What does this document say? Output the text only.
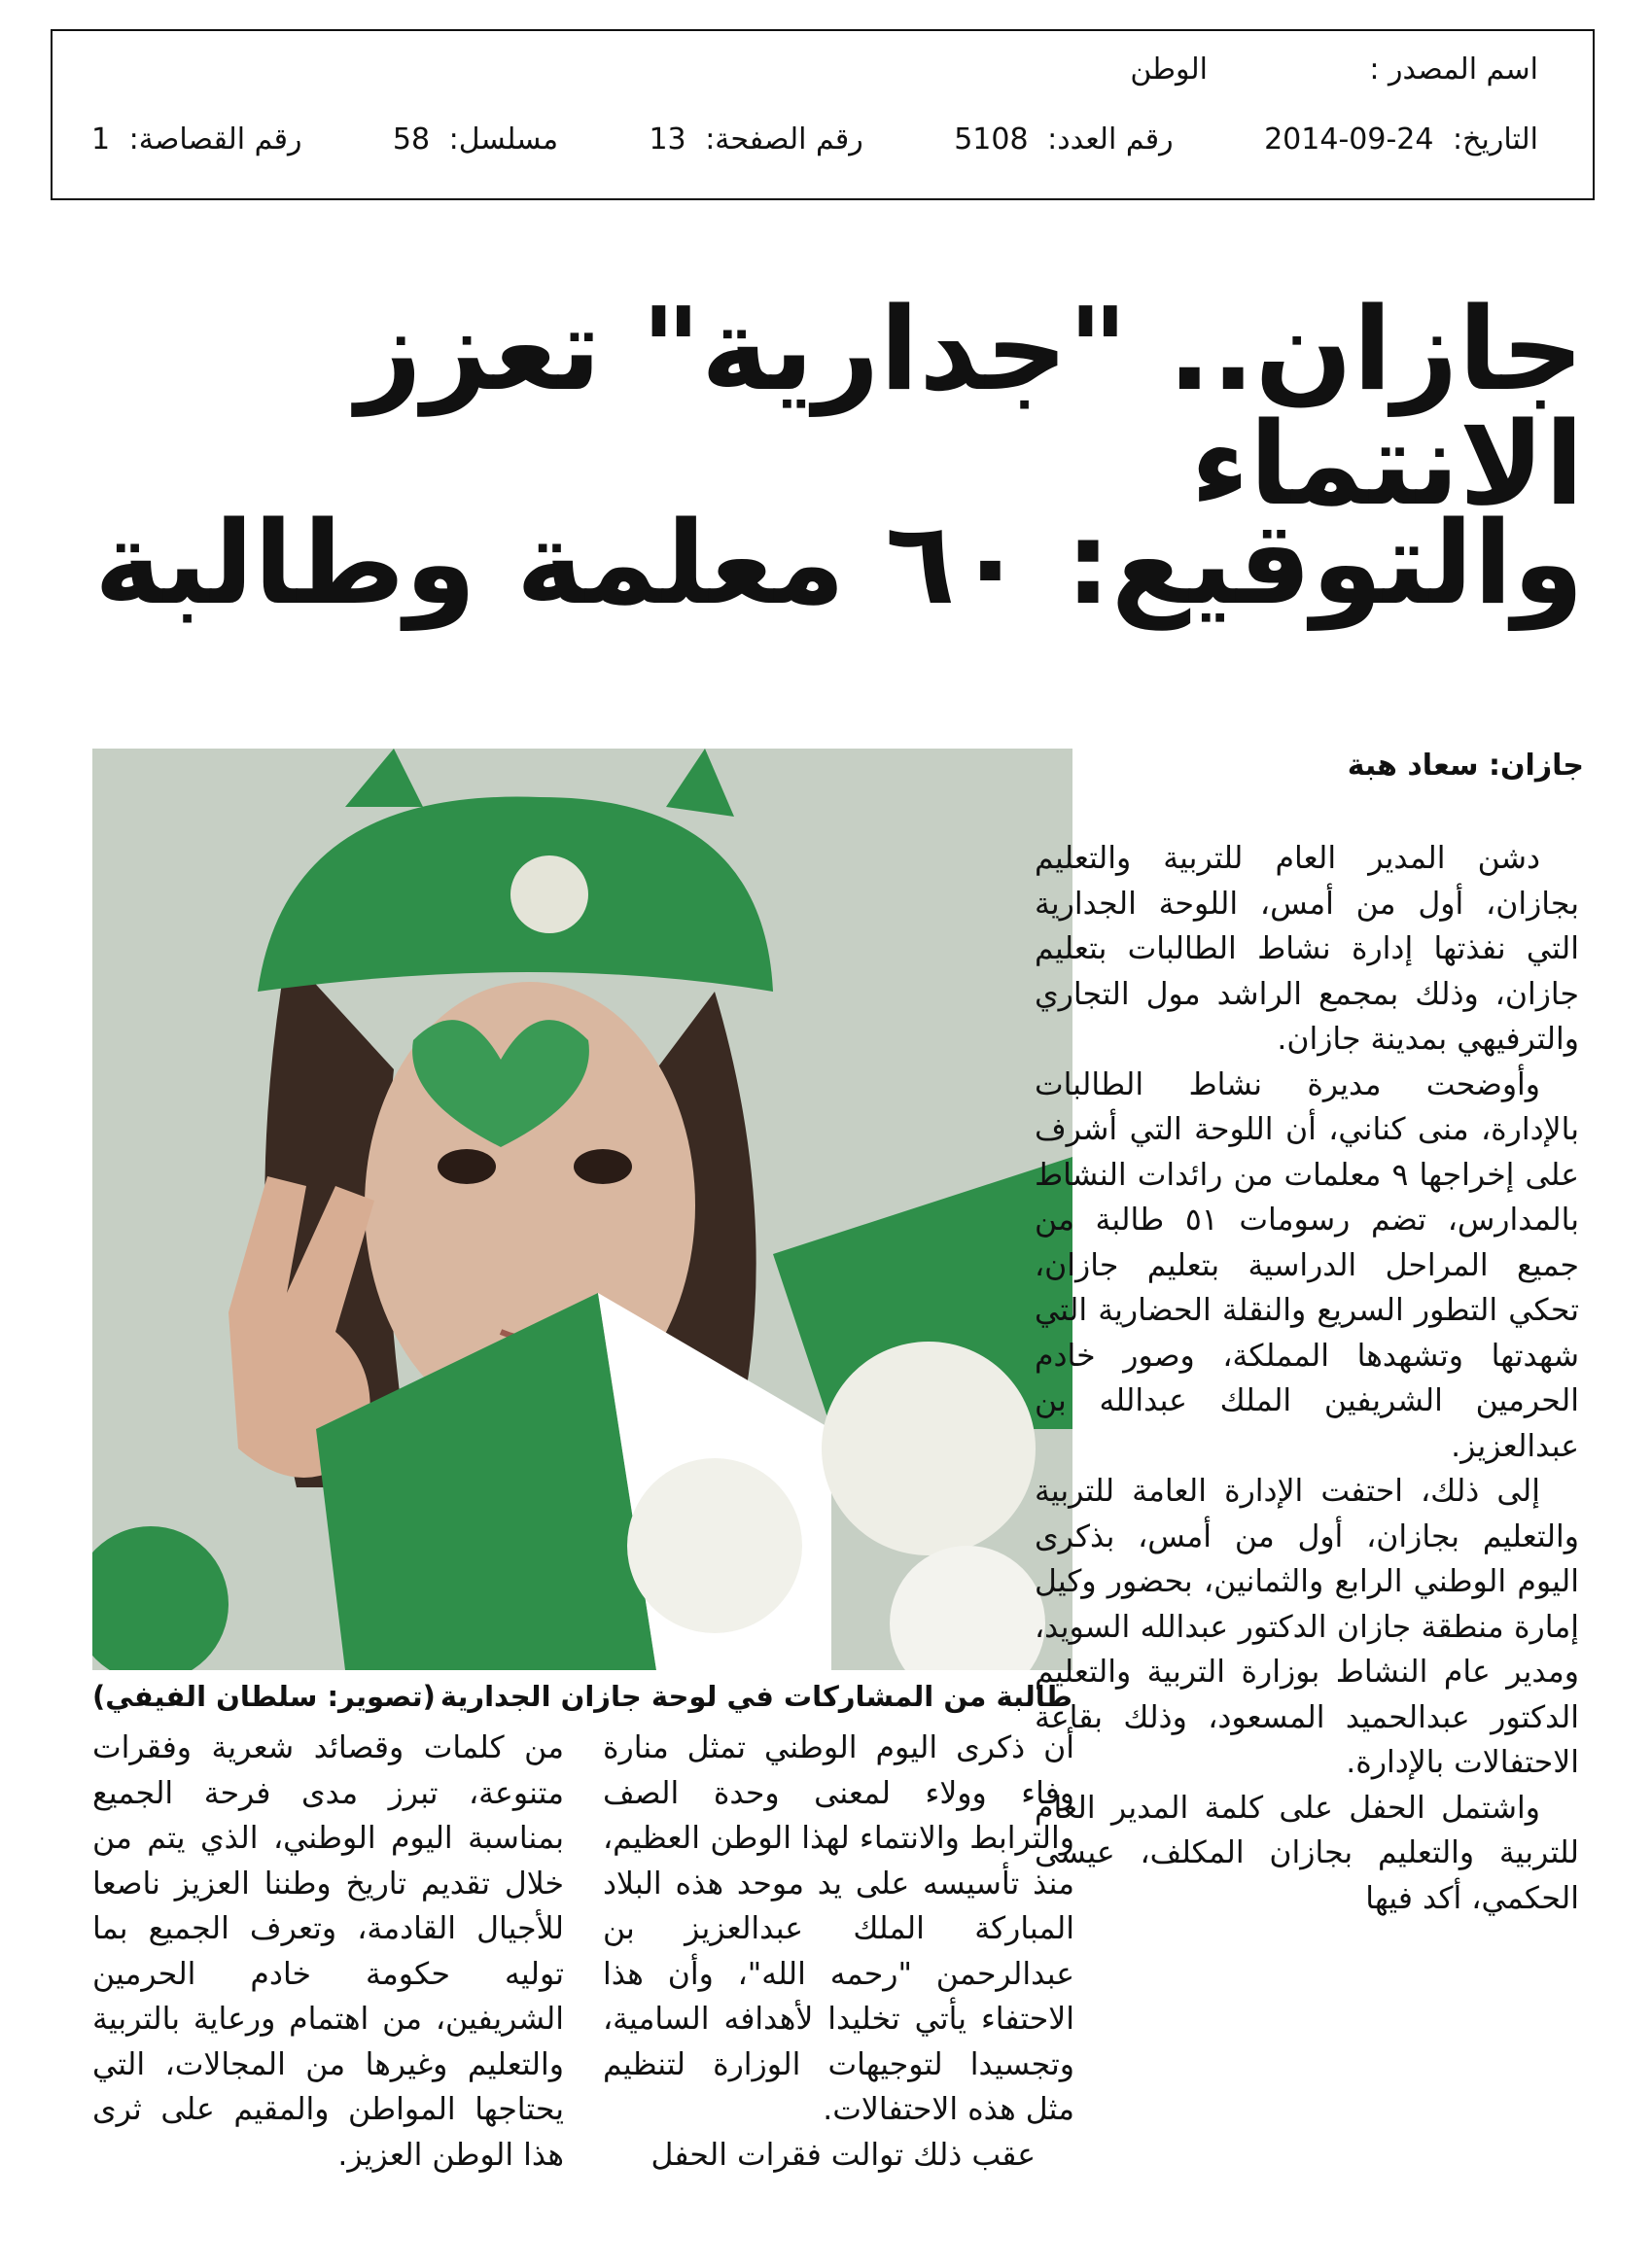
اسم المصدر :
الوطن
التاريخ: 24-09-2014
رقم العدد: 5108
رقم الصفحة: 13
مسلسل: 58
رقم القصاصة: 1
جازان.. "جدارية" تعزز الانتماء
والتوقيع: ٦٠ معلمة وطالبة
جازان: سعاد هبة
طالبة من المشاركات في لوحة جازان الجدارية
(تصوير: سلطان الفيفي)

دشن المدير العام للتربية والتعليم بجازان، أول من أمس، اللوحة الجدارية التي نفذتها إدارة نشاط الطالبات بتعليم جازان، وذلك بمجمع الراشد مول التجاري والترفيهي بمدينة جازان.

وأوضحت مديرة نشاط الطالبات بالإدارة، منى كناني، أن اللوحة التي أشرف على إخراجها ٩ معلمات من رائدات النشاط بالمدارس، تضم رسومات ٥١ طالبة من جميع المراحل الدراسية بتعليم جازان، تحكي التطور السريع والنقلة الحضارية التي شهدتها وتشهدها المملكة، وصور خادم الحرمين الشريفين الملك عبدالله بن عبدالعزيز.

إلى ذلك، احتفت الإدارة العامة للتربية والتعليم بجازان، أول من أمس، بذكرى اليوم الوطني الرابع والثمانين، بحضور وكيل إمارة منطقة جازان الدكتور عبدالله السويد، ومدير عام النشاط بوزارة التربية والتعليم الدكتور عبدالحميد المسعود، وذلك بقاعة الاحتفالات بالإدارة.

واشتمل الحفل على كلمة المدير العام للتربية والتعليم بجازان المكلف، عيسى الحكمي، أكد فيها

أن ذكرى اليوم الوطني تمثل منارة وفاء وولاء لمعنى وحدة الصف والترابط والانتماء لهذا الوطن العظيم، منذ تأسيسه على يد موحد هذه البلاد المباركة الملك عبدالعزيز بن عبدالرحمن "رحمه الله"، وأن هذا الاحتفاء يأتي تخليدا لأهدافه السامية، وتجسيدا لتوجيهات الوزارة لتنظيم مثل هذه الاحتفالات.

عقب ذلك توالت فقرات الحفل

من كلمات وقصائد شعرية وفقرات متنوعة، تبرز مدى فرحة الجميع بمناسبة اليوم الوطني، الذي يتم من خلال تقديم تاريخ وطننا العزيز ناصعا للأجيال القادمة، وتعرف الجميع بما توليه حكومة خادم الحرمين الشريفين، من اهتمام ورعاية بالتربية والتعليم وغيرها من المجالات، التي يحتاجها المواطن والمقيم على ثرى هذا الوطن العزيز.
